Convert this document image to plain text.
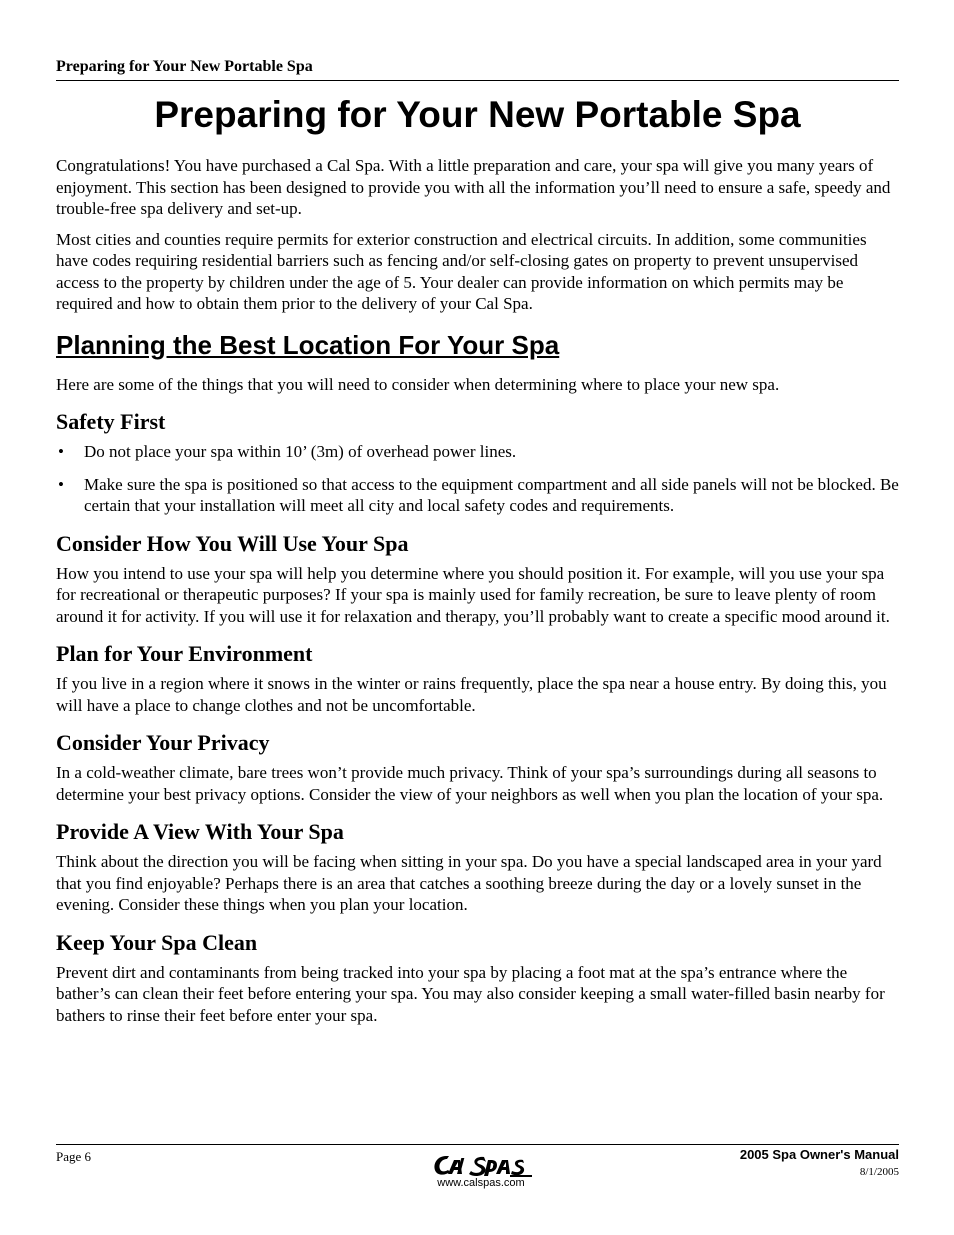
Preparing for Your New Portable Spa
Preparing for Your New Portable Spa

Congratulations! You have purchased a Cal Spa. With a little preparation and care, your spa will give you many years of enjoyment. This section has been designed to provide you with all the information you’ll need to ensure a safe, speedy and trouble-free spa delivery and set-up.

Most cities and counties require permits for exterior construction and electrical circuits. In addition, some communities have codes requiring residential barriers such as fencing and/or self-closing gates on property to prevent unsupervised access to the property by children under the age of 5. Your dealer can provide information on which permits may be required and how to obtain them prior to the delivery of your Cal Spa.

Planning the Best Location For Your Spa

Here are some of the things that you will need to consider when determining where to place your new spa.

Safety First
• Do not place your spa within 10’ (3m) of overhead power lines.
• Make sure the spa is positioned so that access to the equipment compartment and all side panels will not be blocked. Be certain that your installation will meet all city and local safety codes and requirements.
Consider How You Will Use Your Spa

How you intend to use your spa will help you determine where you should position it. For example, will you use your spa for recreational or therapeutic purposes? If your spa is mainly used for family recreation, be sure to leave plenty of room around it for activity. If you will use it for relaxation and therapy, you’ll probably want to create a specific mood around it.

Plan for Your Environment

If you live in a region where it snows in the winter or rains frequently, place the spa near a house entry. By doing this, you will have a place to change clothes and not be uncomfortable.

Consider Your Privacy

In a cold-weather climate, bare trees won’t provide much privacy. Think of your spa’s surroundings during all seasons to determine your best privacy options. Consider the view of your neighbors as well when you plan the location of your spa.

Provide A View With Your Spa

Think about the direction you will be facing when sitting in your spa. Do you have a special landscaped area in your yard that you find enjoyable? Perhaps there is an area that catches a soothing breeze during the day or a lovely sunset in the evening. Consider these things when you plan your location.

Keep Your Spa Clean

Prevent dirt and contaminants from being tracked into your spa by placing a foot mat at the spa’s entrance where the bather’s can clean their feet before entering your spa. You may also consider keeping a small water-filled basin nearby for bathers to rinse their feet before enter your spa.

Page 6
www.calspas.com
2005 Spa Owner's Manual
8/1/2005
